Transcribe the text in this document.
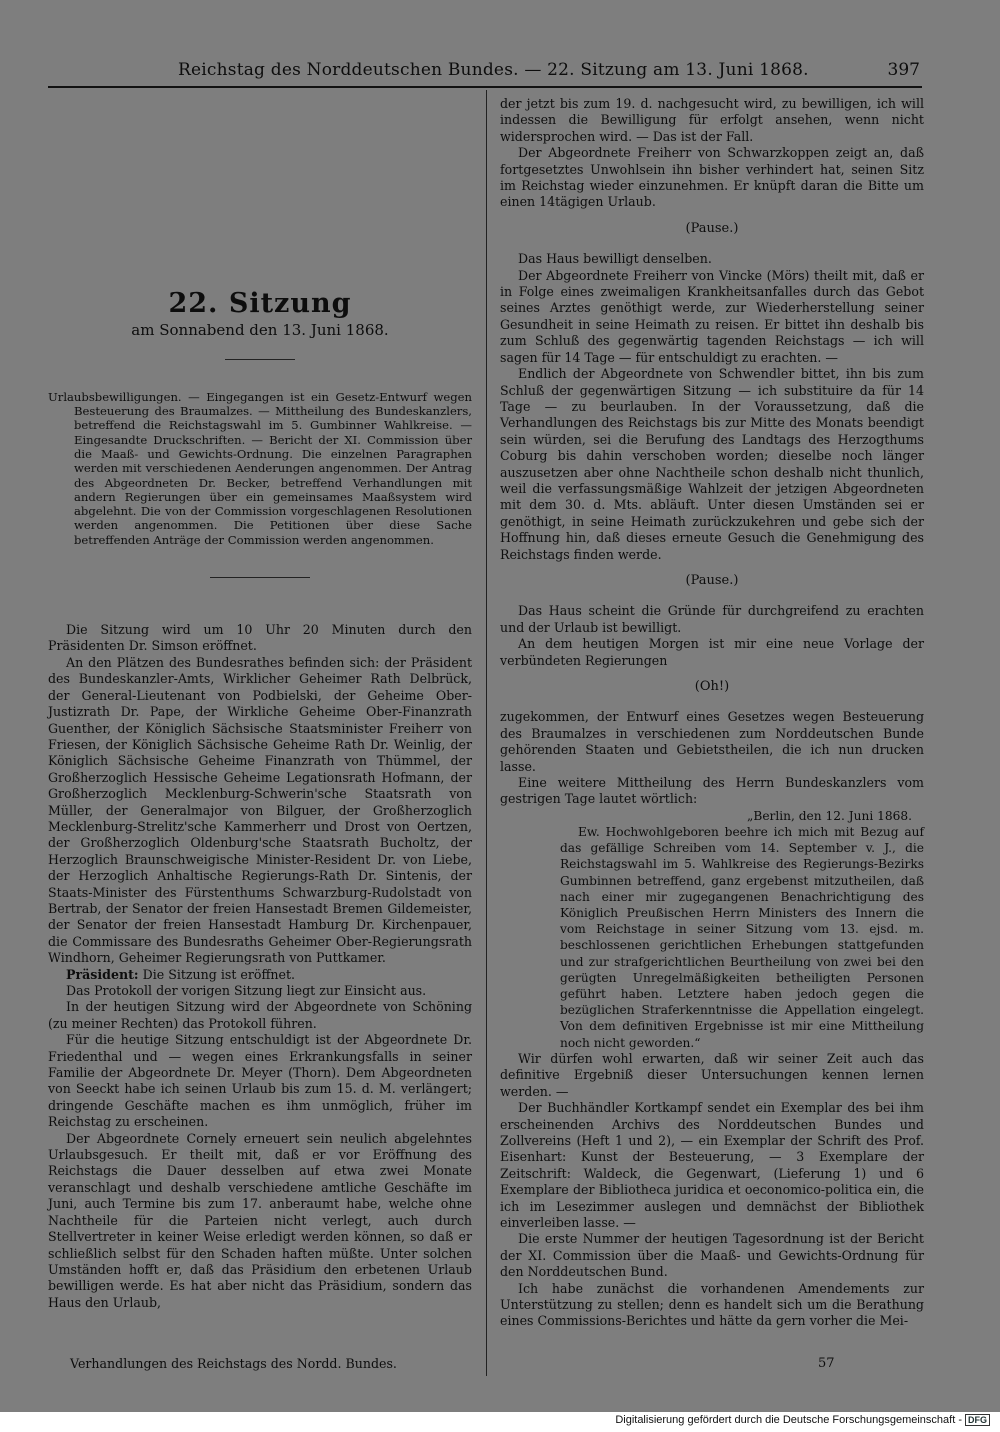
Reichstag des Norddeutschen Bundes. — 22. Sitzung am 13. Juni 1868.	397
22. Sitzung
am Sonnabend den 13. Juni 1868.

Urlaubsbewilligungen. — Eingegangen ist ein Gesetz-Entwurf wegen Besteuerung des Braumalzes. — Mittheilung des Bundeskanzlers, betreffend die Reichstagswahl im 5. Gumbinner Wahlkreise. — Eingesandte Druckschriften. — Bericht der XI. Commission über die Maaß- und Gewichts-Ordnung. Die einzelnen Paragraphen werden mit verschiedenen Aenderungen angenommen. Der Antrag des Abgeordneten Dr. Becker, betreffend Verhandlungen mit andern Regierungen über ein gemeinsames Maaßsystem wird abgelehnt. Die von der Commission vorgeschlagenen Resolutionen werden angenommen. Die Petitionen über diese Sache betreffenden Anträge der Commission werden angenommen.

Die Sitzung wird um 10 Uhr 20 Minuten durch den Präsidenten Dr. Simson eröffnet.

An den Plätzen des Bundesrathes befinden sich: der Präsident des Bundeskanzler-Amts, Wirklicher Geheimer Rath Delbrück, der General-Lieutenant von Podbielski, der Geheime Ober-Justizrath Dr. Pape, der Wirkliche Geheime Ober-Finanzrath Guenther, der Königlich Sächsische Staatsminister Freiherr von Friesen, der Königlich Sächsische Geheime Rath Dr. Weinlig, der Königlich Sächsische Geheime Finanzrath von Thümmel, der Großherzoglich Hessische Geheime Legationsrath Hofmann, der Großherzoglich Mecklenburg-Schwerin'sche Staatsrath von Müller, der Generalmajor von Bilguer, der Großherzoglich Mecklenburg-Strelitz'sche Kammerherr und Drost von Oertzen, der Großherzoglich Oldenburg'sche Staatsrath Bucholtz, der Herzoglich Braunschweigische Minister-Resident Dr. von Liebe, der Herzoglich Anhaltische Regierungs-Rath Dr. Sintenis, der Staats-Minister des Fürstenthums Schwarzburg-Rudolstadt von Bertrab, der Senator der freien Hansestadt Bremen Gildemeister, der Senator der freien Hansestadt Hamburg Dr. Kirchenpauer, die Commissare des Bundesraths Geheimer Ober-Regierungsrath Windhorn, Geheimer Regierungsrath von Puttkamer.

Präsident: Die Sitzung ist eröffnet.

Das Protokoll der vorigen Sitzung liegt zur Einsicht aus.

In der heutigen Sitzung wird der Abgeordnete von Schöning (zu meiner Rechten) das Protokoll führen.

Für die heutige Sitzung entschuldigt ist der Abgeordnete Dr. Friedenthal und — wegen eines Erkrankungsfalls in seiner Familie der Abgeordnete Dr. Meyer (Thorn). Dem Abgeordneten von Seeckt habe ich seinen Urlaub bis zum 15. d. M. verlängert; dringende Geschäfte machen es ihm unmöglich, früher im Reichstag zu erscheinen.

Der Abgeordnete Cornely erneuert sein neulich abgelehntes Urlaubsgesuch. Er theilt mit, daß er vor Eröffnung des Reichstags die Dauer desselben auf etwa zwei Monate veranschlagt und deshalb verschiedene amtliche Geschäfte im Juni, auch Termine bis zum 17. anberaumt habe, welche ohne Nachtheile für die Parteien nicht verlegt, auch durch Stellvertreter in keiner Weise erledigt werden können, so daß er schließlich selbst für den Schaden haften müßte. Unter solchen Umständen hofft er, daß das Präsidium den erbetenen Urlaub bewilligen werde. Es hat aber nicht das Präsidium, sondern das Haus den Urlaub,

der jetzt bis zum 19. d. nachgesucht wird, zu bewilligen, ich will indessen die Bewilligung für erfolgt ansehen, wenn nicht widersprochen wird. — Das ist der Fall.

Der Abgeordnete Freiherr von Schwarzkoppen zeigt an, daß fortgesetztes Unwohlsein ihn bisher verhindert hat, seinen Sitz im Reichstag wieder einzunehmen. Er knüpft daran die Bitte um einen 14tägigen Urlaub.

(Pause.)

Das Haus bewilligt denselben.

Der Abgeordnete Freiherr von Vincke (Mörs) theilt mit, daß er in Folge eines zweimaligen Krankheitsanfalles durch das Gebot seines Arztes genöthigt werde, zur Wiederherstellung seiner Gesundheit in seine Heimath zu reisen. Er bittet ihn deshalb bis zum Schluß des gegenwärtig tagenden Reichstags — ich will sagen für 14 Tage — für entschuldigt zu erachten. —

Endlich der Abgeordnete von Schwendler bittet, ihn bis zum Schluß der gegenwärtigen Sitzung — ich substituire da für 14 Tage — zu beurlauben. In der Voraussetzung, daß die Verhandlungen des Reichstags bis zur Mitte des Monats beendigt sein würden, sei die Berufung des Landtags des Herzogthums Coburg bis dahin verschoben worden; dieselbe noch länger auszusetzen aber ohne Nachtheile schon deshalb nicht thunlich, weil die verfassungsmäßige Wahlzeit der jetzigen Abgeordneten mit dem 30. d. Mts. abläuft. Unter diesen Umständen sei er genöthigt, in seine Heimath zurückzukehren und gebe sich der Hoffnung hin, daß dieses erneute Gesuch die Genehmigung des Reichstags finden werde.

(Pause.)

Das Haus scheint die Gründe für durchgreifend zu erachten und der Urlaub ist bewilligt.

An dem heutigen Morgen ist mir eine neue Vorlage der verbündeten Regierungen

(Oh!)

zugekommen, der Entwurf eines Gesetzes wegen Besteuerung des Braumalzes in verschiedenen zum Norddeutschen Bunde gehörenden Staaten und Gebietstheilen, die ich nun drucken lasse.

Eine weitere Mittheilung des Herrn Bundeskanzlers vom gestrigen Tage lautet wörtlich:

„Berlin, den 12. Juni 1868.

Ew. Hochwohlgeboren beehre ich mich mit Bezug auf das gefällige Schreiben vom 14. September v. J., die Reichstagswahl im 5. Wahlkreise des Regierungs-Bezirks Gumbinnen betreffend, ganz ergebenst mitzutheilen, daß nach einer mir zugegangenen Benachrichtigung des Königlich Preußischen Herrn Ministers des Innern die vom Reichstage in seiner Sitzung vom 13. ejsd. m. beschlossenen gerichtlichen Erhebungen stattgefunden und zur strafgerichtlichen Beurtheilung von zwei bei den gerügten Unregelmäßigkeiten betheiligten Personen geführt haben. Letztere haben jedoch gegen die bezüglichen Straferkenntnisse die Appellation eingelegt. Von dem definitiven Ergebnisse ist mir eine Mittheilung noch nicht geworden.“

Wir dürfen wohl erwarten, daß wir seiner Zeit auch das definitive Ergebniß dieser Untersuchungen kennen lernen werden. —

Der Buchhändler Kortkampf sendet ein Exemplar des bei ihm erscheinenden Archivs des Norddeutschen Bundes und Zollvereins (Heft 1 und 2), — ein Exemplar der Schrift des Prof. Eisenhart: Kunst der Besteuerung, — 3 Exemplare der Zeitschrift: Waldeck, die Gegenwart, (Lieferung 1) und 6 Exemplare der Bibliotheca juridica et oeconomico-politica ein, die ich im Lesezimmer auslegen und demnächst der Bibliothek einverleiben lasse. —

Die erste Nummer der heutigen Tagesordnung ist der Bericht der XI. Commission über die Maaß- und Gewichts-Ordnung für den Norddeutschen Bund.

Ich habe zunächst die vorhandenen Amendements zur Unterstützung zu stellen; denn es handelt sich um die Berathung eines Commissions-Berichtes und hätte da gern vorher die Mei-

Verhandlungen des Reichstags des Nordd. Bundes.	57
Digitalisierung gefördert durch die Deutsche Forschungsgemeinschaft - DFG
